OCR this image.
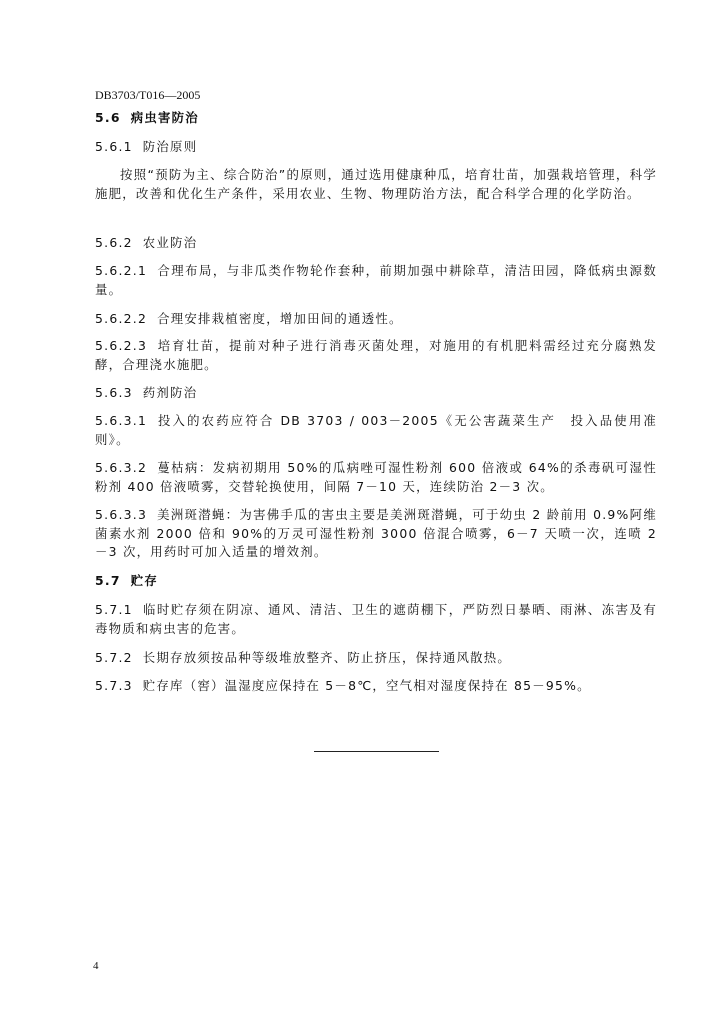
DB3703/T016—2005
5.6 病虫害防治
5.6.1 防治原则
按照“预防为主、综合防治”的原则，通过选用健康种瓜，培育壮苗，加强栽培管理，科学施肥，改善和优化生产条件，采用农业、生物、物理防治方法，配合科学合理的化学防治。
5.6.2 农业防治
5.6.2.1 合理布局，与非瓜类作物轮作套种，前期加强中耕除草，清洁田园，降低病虫源数量。
5.6.2.2 合理安排栽植密度，增加田间的通透性。
5.6.2.3 培育壮苗，提前对种子进行消毒灭菌处理，对施用的有机肥料需经过充分腐熟发酵，合理浇水施肥。
5.6.3 药剂防治
5.6.3.1 投入的农药应符合 DB 3703 / 003－2005《无公害蔬菜生产　投入品使用准则》。
5.6.3.2 蔓枯病：发病初期用 50%的瓜病唑可湿性粉剂 600 倍液或 64%的杀毒矾可湿性粉剂 400 倍液喷雾，交替轮换使用，间隔 7－10 天，连续防治 2－3 次。
5.6.3.3 美洲斑潜蝇：为害佛手瓜的害虫主要是美洲斑潜蝇，可于幼虫 2 龄前用 0.9%阿维菌素水剂 2000 倍和 90%的万灵可湿性粉剂 3000 倍混合喷雾，6－7 天喷一次，连喷 2－3 次，用药时可加入适量的增效剂。
5.7 贮存
5.7.1 临时贮存须在阴凉、通风、清洁、卫生的遮荫棚下，严防烈日暴晒、雨淋、冻害及有毒物质和病虫害的危害。
5.7.2 长期存放须按品种等级堆放整齐、防止挤压，保持通风散热。
5.7.3 贮存库（窖）温湿度应保持在 5－8℃，空气相对湿度保持在 85－95%。
4
